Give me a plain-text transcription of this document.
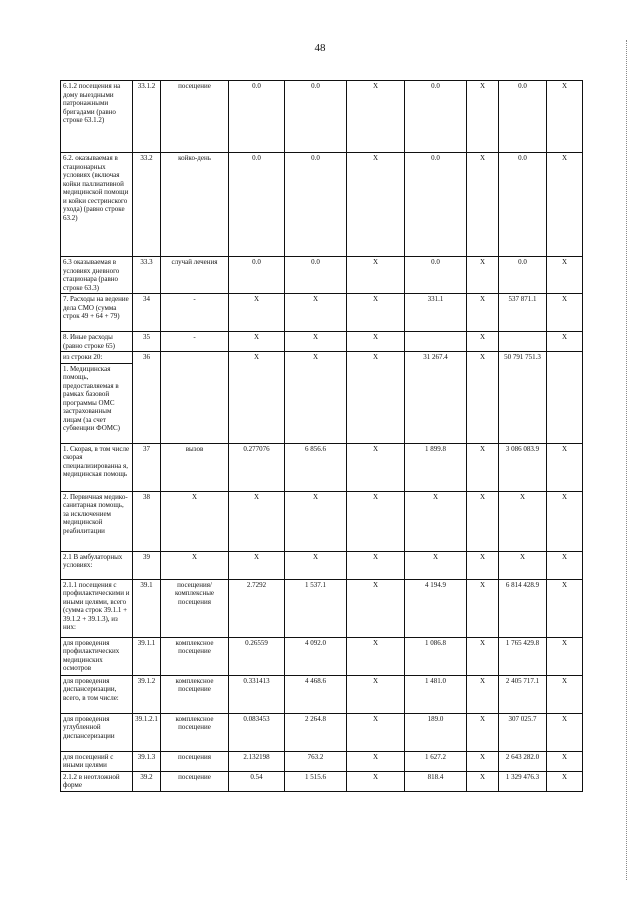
48
6.1.2 посещения на дому выездными патронажными бригадами (равно строке 63.1.2)	33.1.2	посещение	0.0	0.0	X	0.0	X	0.0	X
6.2. оказываемая в стационарных условиях (включая койки паллиативной медицинской помощи и койки сестринского ухода) (равно строке 63.2)	33.2	койко-день	0.0	0.0	X	0.0	X	0.0	X
6.3 оказываемая в условиях дневного стационара (равно строке 63.3)	33.3	случай лечения	0.0	0.0	X	0.0	X	0.0	X
7. Расходы на ведение дела СМО (сумма строк 49 + 64 + 79)	34	-	X	X	X	331.1	X	537 871.1	X
8. Иные расходы (равно строке 65)	35	-	X	X	X		X		X
из строки 20:	36		X	X	X	31 267.4	X	50 791 751.3	
1. Медицинская помощь, предоставляемая в рамках базовой программы ОМС застрахованным лицам (за счет субвенции ФОМС)									
1. Скорая, в том числе скорая специализированна я, медицинская помощь	37	вызов	0.277076	6 856.6	X	1 899.8	X	3 086 083.9	X
2. Первичная медико-санитарная помощь, за исключением медицинской реабилитации	38	X	X	X	X	X	X	X	X
2.1 В амбулаторных условиях:	39	X	X	X	X	X	X	X	X
2.1.1 посещения с профилактическими и иными целями, всего (сумма строк 39.1.1 + 39.1.2 + 39.1.3), из них:	39.1	посещения/комплексные посещения	2.7292	1 537.1	X	4 194.9	X	6 814 428.9	X
для проведения профилактических медицинских осмотров	39.1.1	комплексное посещение	0.26559	4 092.0	X	1 086.8	X	1 765 429.8	X
для проведения диспансеризации, всего, в том числе:	39.1.2	комплексное посещение	0.331413	4 468.6	X	1 481.0	X	2 405 717.1	X
для проведения углубленной диспансеризации	39.1.2.1	комплексное посещение	0.083453	2 264.8	X	189.0	X	307 025.7	X
для посещений с иными целями	39.1.3	посещения	2.132198	763.2	X	1 627.2	X	2 643 282.0	X
2.1.2 в неотложной форме	39.2	посещение	0.54	1 515.6	X	818.4	X	1 329 476.3	X
